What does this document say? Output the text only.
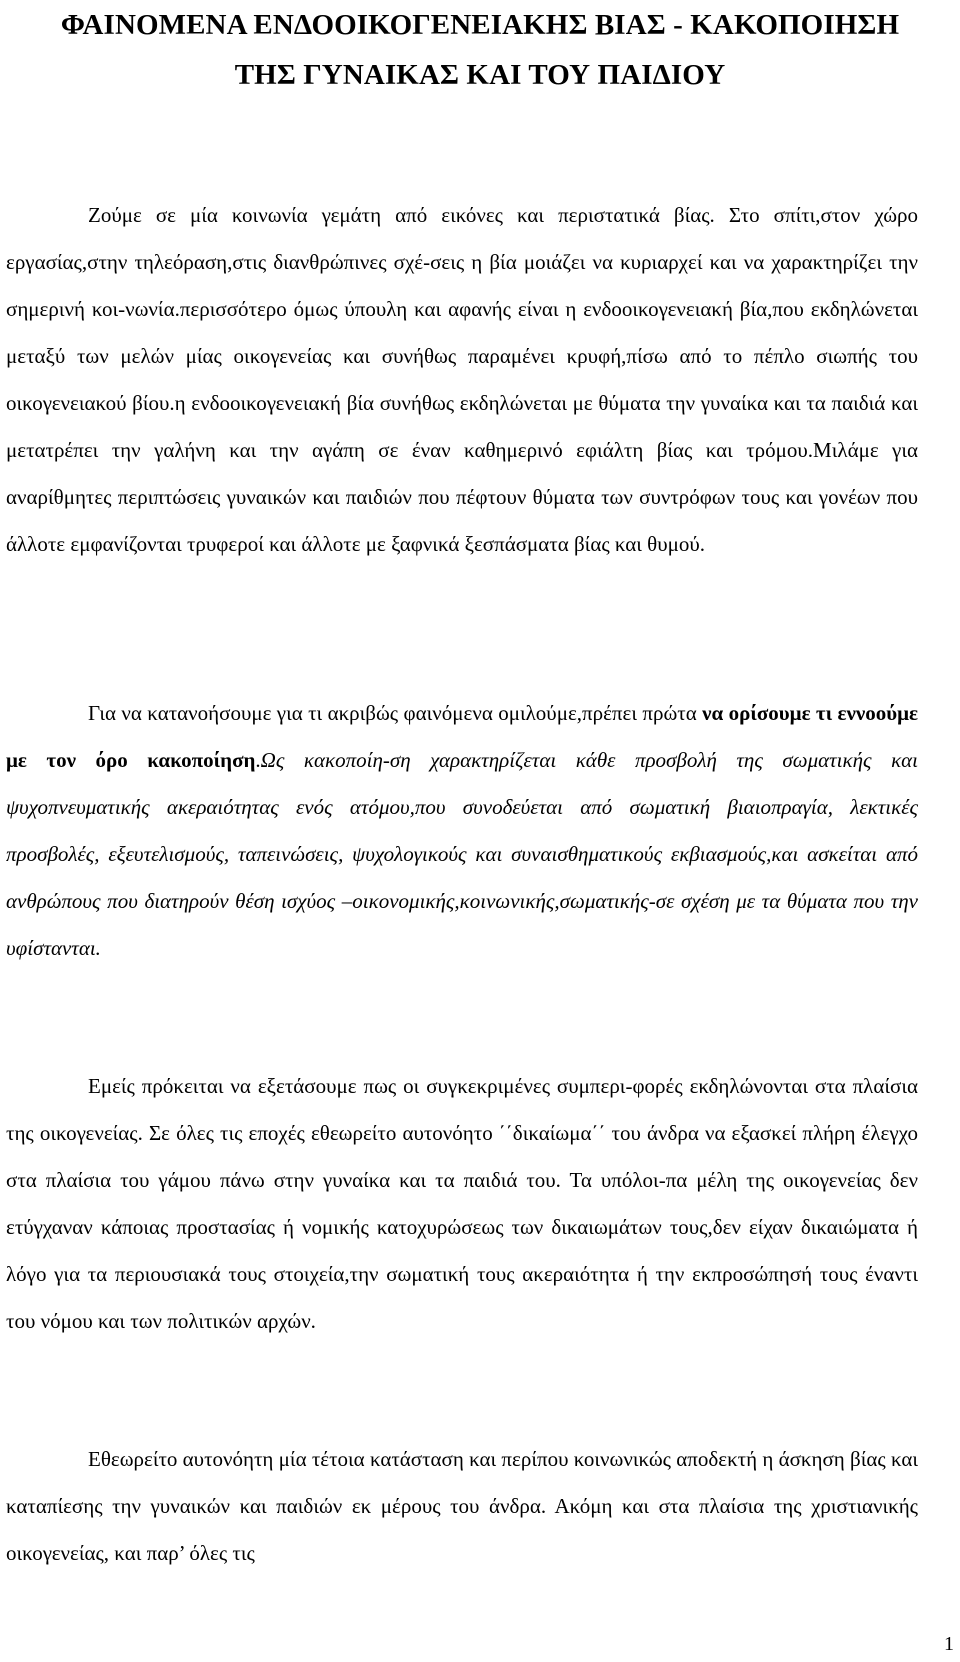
ΦΑΙΝΟΜΕΝΑ ΕΝΔΟΟΙΚΟΓΕΝΕΙΑΚΗΣ ΒΙΑΣ - ΚΑΚΟΠΟΙΗΣΗ
ΤΗΣ ΓΥΝΑΙΚΑΣ ΚΑΙ ΤΟΥ ΠΑΙΔΙΟΥ

Ζούμε σε μία κοινωνία γεμάτη από εικόνες και περιστατικά βίας. Στο σπίτι,στον χώρο εργασίας,στην τηλεόραση,στις διανθρώπινες σχέ-σεις η βία μοιάζει να κυριαρχεί και να χαρακτηρίζει την σημερινή κοι-νωνία.περισσότερο όμως ύπουλη και αφανής είναι η ενδοοικογενειακή βία,που εκδηλώνεται μεταξύ των μελών μίας οικογενείας και συνήθως παραμένει κρυφή,πίσω από το πέπλο σιωπής του οικογενειακού βίου.η ενδοοικογενειακή βία συνήθως εκδηλώνεται με θύματα την γυναίκα και τα παιδιά και μετατρέπει την γαλήνη και την αγάπη σε έναν καθημερινό εφιάλτη βίας και τρόμου.Μιλάμε για αναρίθμητες περιπτώσεις γυναικών και παιδιών που πέφτουν θύματα των συντρόφων τους και γονέων που άλλοτε εμφανίζονται τρυφεροί και άλλοτε με ξαφνικά ξεσπάσματα βίας και θυμού.

Για να κατανοήσουμε για τι ακριβώς φαινόμενα ομιλούμε,πρέπει πρώτα να ορίσουμε τι εννοούμε με τον όρο κακοποίηση.Ως κακοποίη-ση χαρακτηρίζεται κάθε προσβολή της σωματικής και ψυχοπνευματικής ακεραιότητας ενός ατόμου,που συνοδεύεται από σωματική βιαιοπραγία, λεκτικές προσβολές, εξευτελισμούς, ταπεινώσεις, ψυχολογικούς και συναισθηματικούς εκβιασμούς,και ασκείται από ανθρώπους που διατηρούν θέση ισχύος –οικονομικής,κοινωνικής,σωματικής-σε σχέση με τα θύματα που την υφίστανται.

Εμείς πρόκειται να εξετάσουμε πως οι συγκεκριμένες συμπερι-φορές εκδηλώνονται στα πλαίσια της οικογενείας. Σε όλες τις εποχές εθεωρείτο αυτονόητο ΄΄δικαίωμα΄΄ του άνδρα να εξασκεί πλήρη έλεγχο στα πλαίσια του γάμου πάνω στην γυναίκα και τα παιδιά του. Τα υπόλοι-πα μέλη της οικογενείας δεν ετύγχαναν κάποιας προστασίας ή νομικής κατοχυρώσεως των δικαιωμάτων τους,δεν είχαν δικαιώματα ή λόγο για τα περιουσιακά τους στοιχεία,την σωματική τους ακεραιότητα ή την εκπροσώπησή τους έναντι του νόμου και των πολιτικών αρχών.

Εθεωρείτο αυτονόητη μία τέτοια κατάσταση και περίπου κοινωνικώς αποδεκτή η άσκηση βίας και καταπίεσης την γυναικών και παιδιών εκ μέρους του άνδρα. Ακόμη και στα πλαίσια της χριστιανικής οικογενείας, και παρ’ όλες τις

1
